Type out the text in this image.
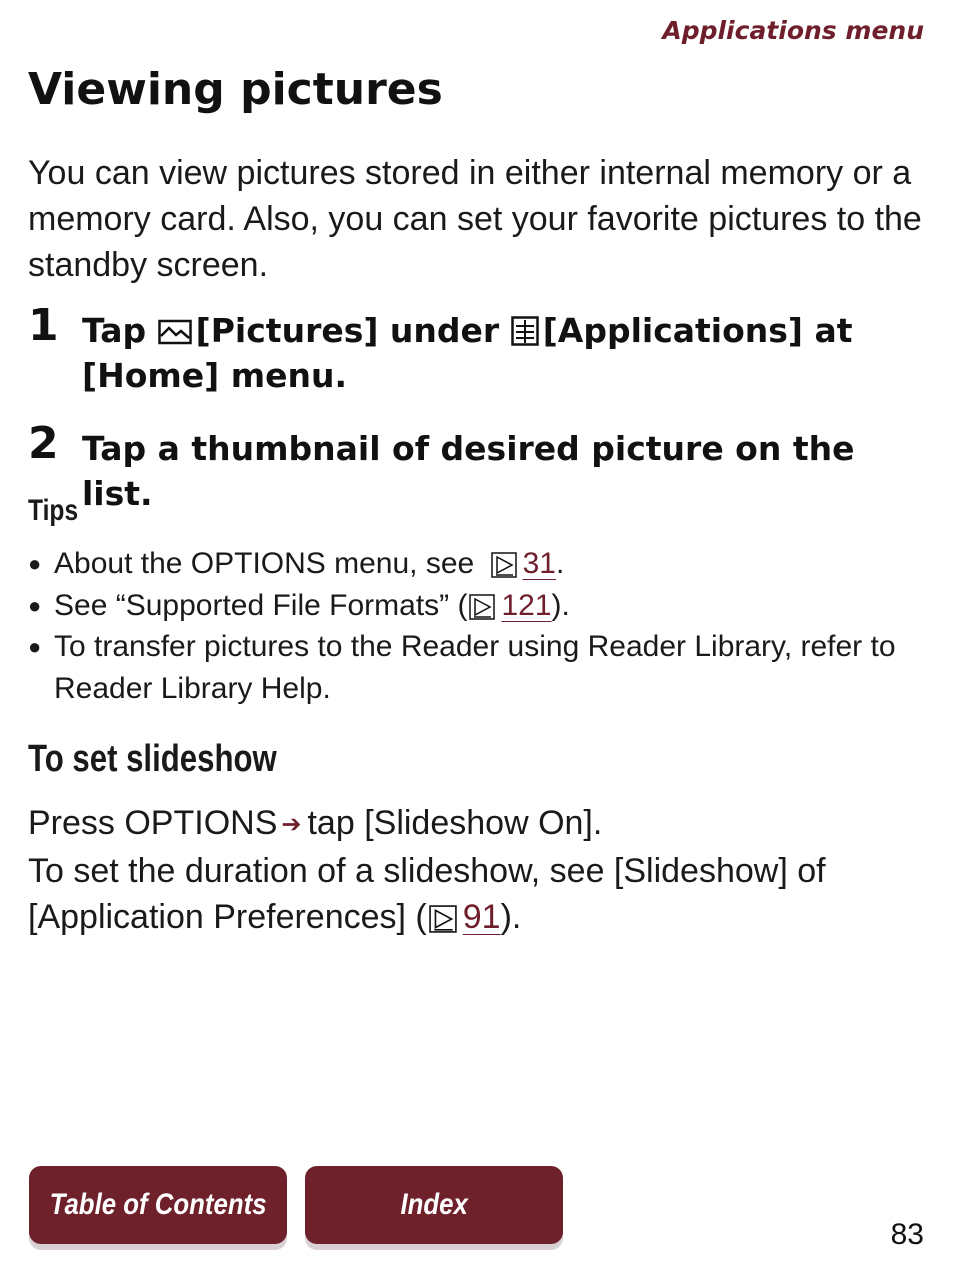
Applications menu
Viewing pictures

You can view pictures stored in either internal memory or a memory card. Also, you can set your favorite pictures to the standby screen.

1 Tap [Pictures] under [Applications] at
[Home] menu.
2 Tap a thumbnail of desired picture on the list.
Tips
● About the OPTIONS menu, see 31.
● See “Supported File Formats” ( 121).
● To transfer pictures to the Reader using Reader Library, refer to Reader Library Help.
To set slideshow

Press OPTIONS ➔ tap [Slideshow On].
To set the duration of a slideshow, see [Slideshow] of [Application Preferences] ( 91).

Table of Contents	Index
83
